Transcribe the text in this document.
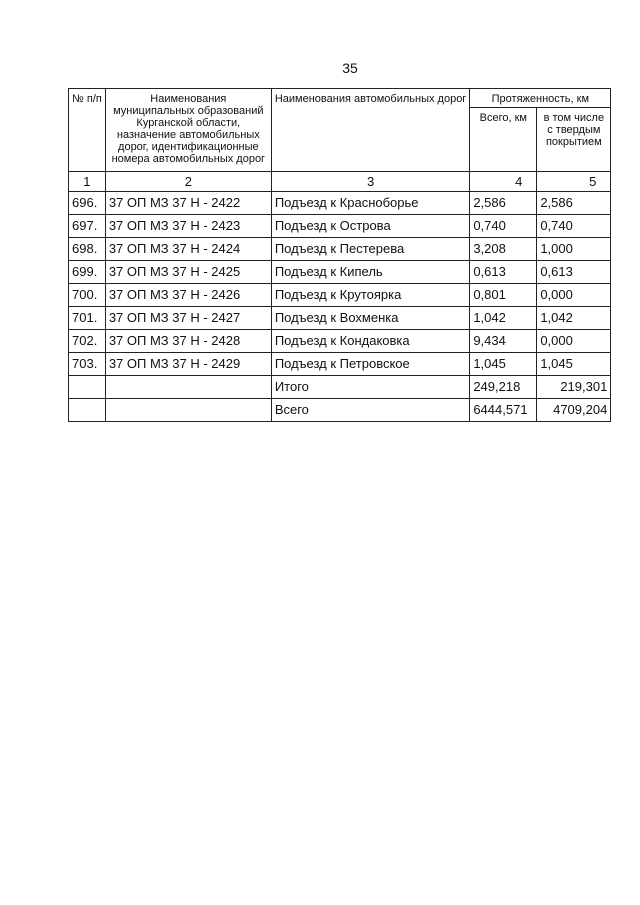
35
№ п/п	Наименования муниципальных образований Курганской области, назначение автомобильных дорог, идентификационные номера автомобильных дорог	Наименования автомобильных дорог	Протяженность, км	
			Всего, км	в том числе с твердым покрытием
1	2	3	4	5
696.	37 ОП МЗ 37 Н - 2422	Подъезд к Красноборье	2,586	2,586
697.	37 ОП МЗ 37 Н - 2423	Подъезд к Острова	0,740	0,740
698.	37 ОП МЗ 37 Н - 2424	Подъезд к Пестерева	3,208	1,000
699.	37 ОП МЗ 37 Н - 2425	Подъезд к Кипель	0,613	0,613
700.	37 ОП МЗ 37 Н - 2426	Подъезд к Крутоярка	0,801	0,000
701.	37 ОП МЗ 37 Н - 2427	Подъезд к Вохменка	1,042	1,042
702.	37 ОП МЗ 37 Н - 2428	Подъезд к Кондаковка	9,434	0,000
703.	37 ОП МЗ 37 Н - 2429	Подъезд к Петровское	1,045	1,045
		Итого	249,218	219,301
		Всего	6444,571	4709,204
